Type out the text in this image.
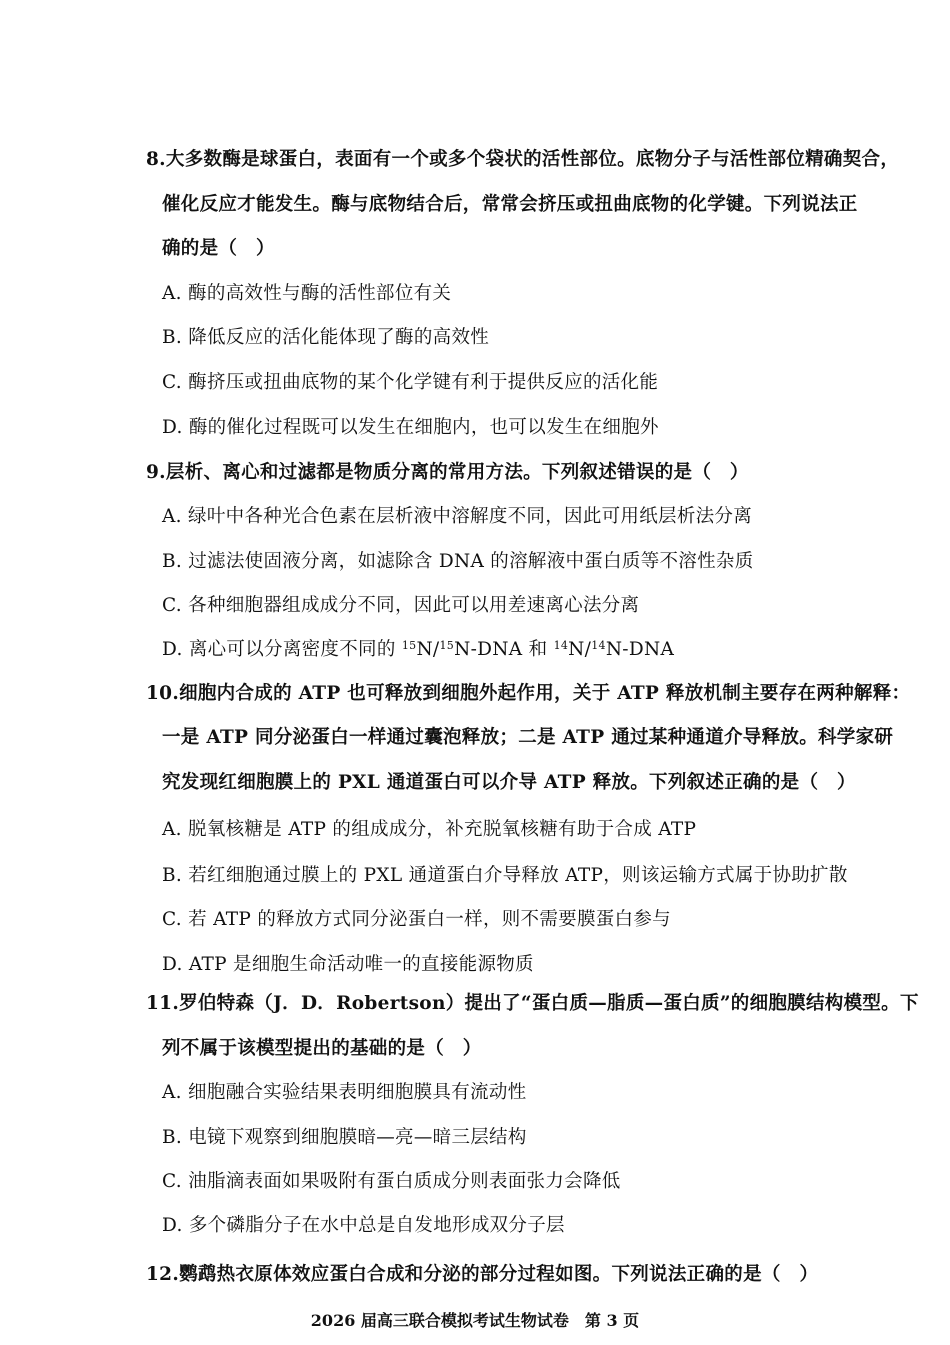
8.大多数酶是球蛋白，表面有一个或多个袋状的活性部位。底物分子与活性部位精确契合，
催化反应才能发生。酶与底物结合后，常常会挤压或扭曲底物的化学键。下列说法正
确的是（　）
A. 酶的高效性与酶的活性部位有关
B. 降低反应的活化能体现了酶的高效性
C. 酶挤压或扭曲底物的某个化学键有利于提供反应的活化能
D. 酶的催化过程既可以发生在细胞内，也可以发生在细胞外
9.层析、离心和过滤都是物质分离的常用方法。下列叙述错误的是（　）
A. 绿叶中各种光合色素在层析液中溶解度不同，因此可用纸层析法分离
B. 过滤法使固液分离，如滤除含 DNA 的溶解液中蛋白质等不溶性杂质
C. 各种细胞器组成成分不同，因此可以用差速离心法分离
D. 离心可以分离密度不同的 $^{15}$N/$^{15}$N-DNA 和 $^{14}$N/$^{14}$N-DNA
10.细胞内合成的 ATP 也可释放到细胞外起作用，关于 ATP 释放机制主要存在两种解释：
一是 ATP 同分泌蛋白一样通过囊泡释放；二是 ATP 通过某种通道介导释放。科学家研
究发现红细胞膜上的 PXL 通道蛋白可以介导 ATP 释放。下列叙述正确的是（　）
A. 脱氧核糖是 ATP 的组成成分，补充脱氧核糖有助于合成 ATP
B. 若红细胞通过膜上的 PXL 通道蛋白介导释放 ATP，则该运输方式属于协助扩散
C. 若 ATP 的释放方式同分泌蛋白一样，则不需要膜蛋白参与
D. ATP 是细胞生命活动唯一的直接能源物质
11.罗伯特森（J．D．Robertson）提出了“蛋白质—脂质—蛋白质”的细胞膜结构模型。下
列不属于该模型提出的基础的是（　）
A. 细胞融合实验结果表明细胞膜具有流动性
B. 电镜下观察到细胞膜暗—亮—暗三层结构
C. 油脂滴表面如果吸附有蛋白质成分则表面张力会降低
D. 多个磷脂分子在水中总是自发地形成双分子层
12.鹦鹉热衣原体效应蛋白合成和分泌的部分过程如图。下列说法正确的是（　）
2026 届高三联合模拟考试生物试卷　第 3 页
